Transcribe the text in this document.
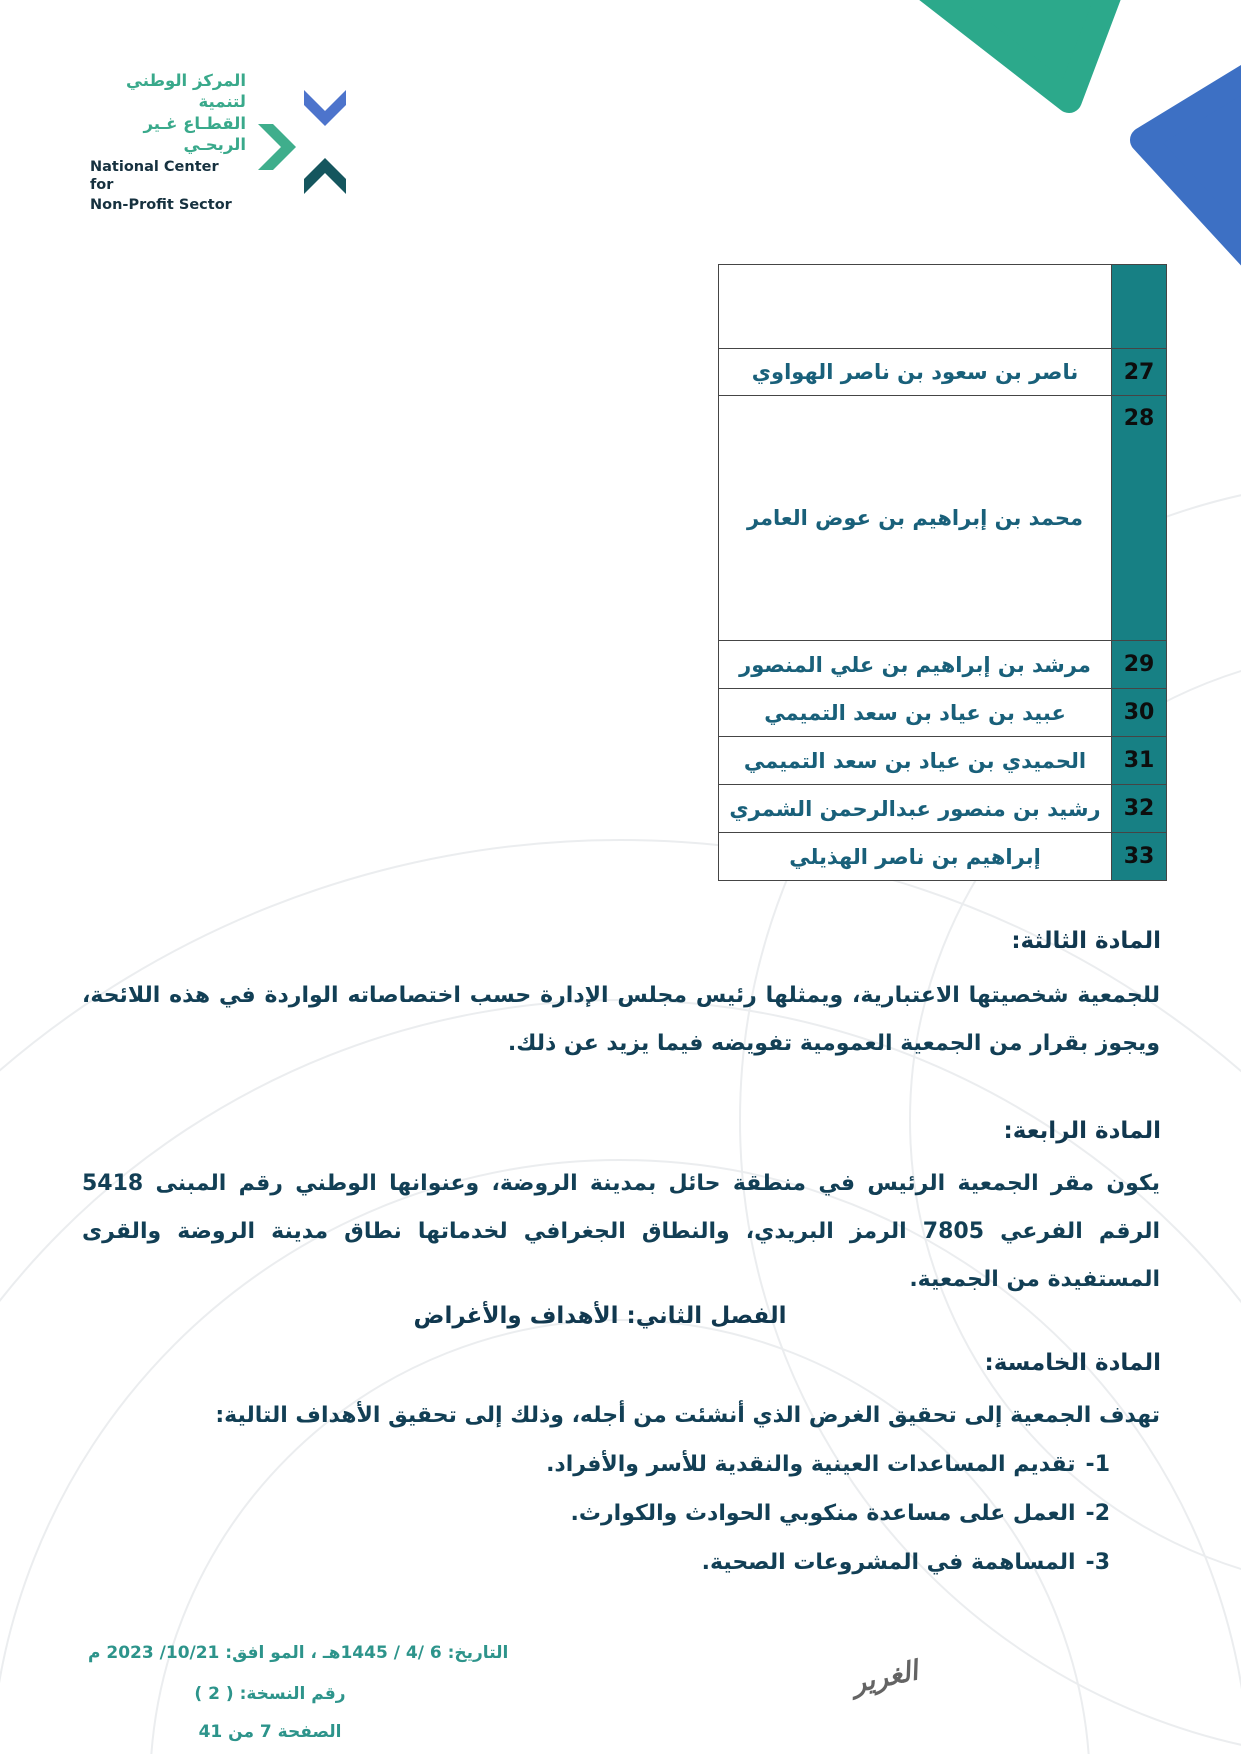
المركز الوطني لتنمية
القطـاع غـير الربحـي
National Center for
Non-Profit Sector

27	ناصر بن سعود بن ناصر الهواوي
28	محمد بن إبراهيم بن عوض العامر
29	مرشد بن إبراهيم بن علي المنصور
30	عبيد بن عياد بن سعد التميمي
31	الحميدي بن عياد بن سعد التميمي
32	رشيد بن منصور عبدالرحمن الشمري
33	إبراهيم بن ناصر الهذيلي
المادة الثالثة:
للجمعية شخصيتها الاعتبارية، ويمثلها رئيس مجلس الإدارة حسب اختصاصاته الواردة في هذه اللائحة، ويجوز بقرار من الجمعية العمومية تفويضه فيما يزيد عن ذلك.
المادة الرابعة:
يكون مقر الجمعية الرئيس في منطقة حائل بمدينة الروضة، وعنوانها الوطني رقم المبنى 5418 الرقم الفرعي 7805 الرمز البريدي، والنطاق الجغرافي لخدماتها نطاق مدينة الروضة والقرى المستفيدة من الجمعية.
الفصل الثاني: الأهداف والأغراض
المادة الخامسة:
تهدف الجمعية إلى تحقيق الغرض الذي أنشئت من أجله، وذلك إلى تحقيق الأهداف التالية:
1-تقديم المساعدات العينية والنقدية للأسر والأفراد.
2-العمل على مساعدة منكوبي الحوادث والكوارث.
3-المساهمة في المشروعات الصحية.
التاريخ: 6 /4 / 1445هـ ، المو افق: 10/21/ 2023 م
رقم النسخة: ( 2 )
الصفحة 7 من 41
الغرير
